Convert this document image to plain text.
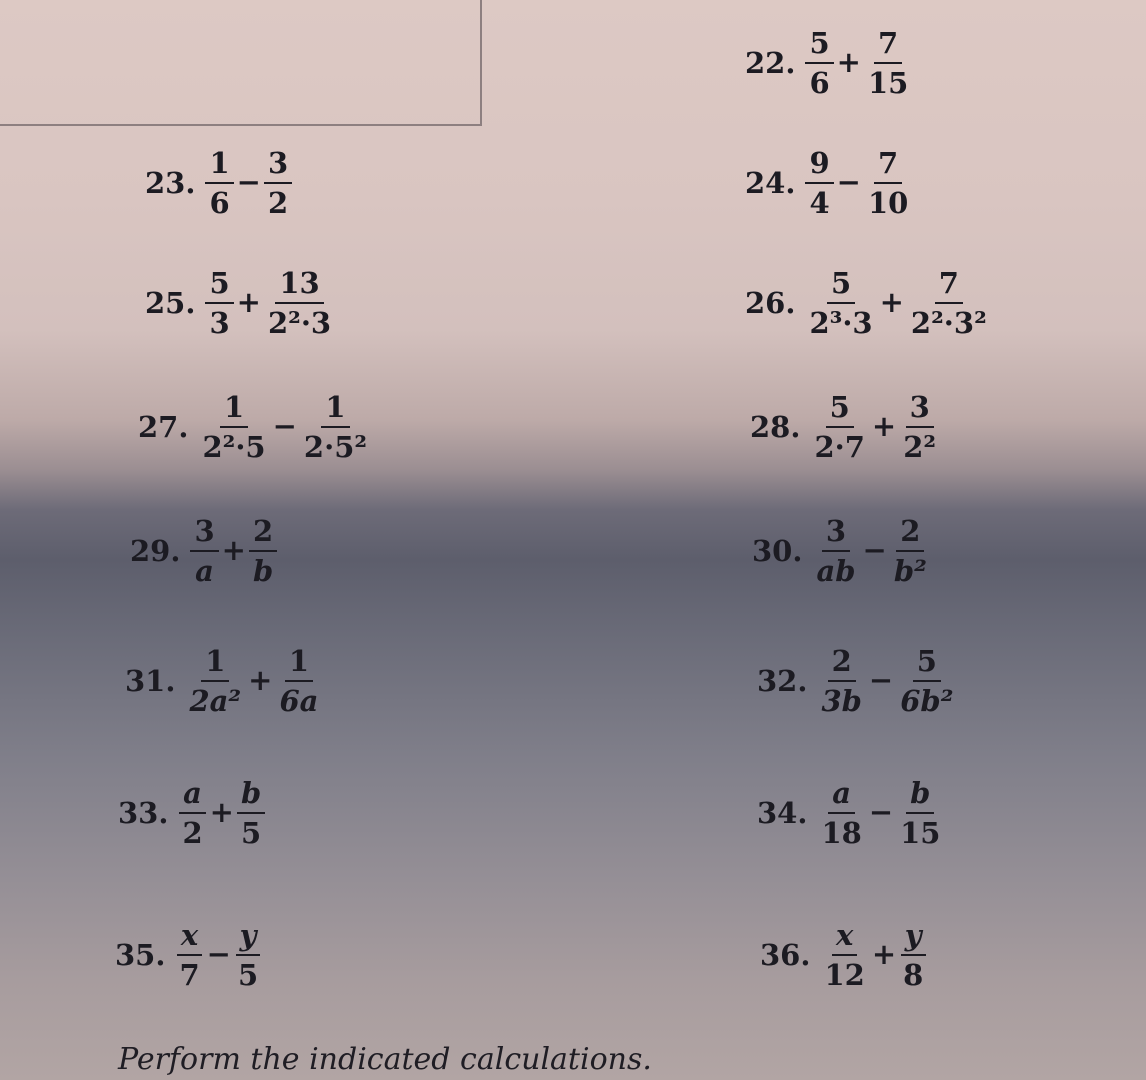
22. $\frac{5}{6} + \frac{7}{15}$
23. $\frac{1}{6} - \frac{3}{2}$	24. $\frac{9}{4} - \frac{7}{10}$
25. $\frac{5}{3} + \frac{13}{\text{2²·3}}$	26. $\frac{5}{\text{2³·3}} + \frac{7}{\text{2²·3²}}$
27. $\frac{1}{\text{2²·5}} - \frac{1}{\text{2·5²}}$	28. $\frac{5}{2\cdot 7} + \frac{3}{\text{2²}}$
29. $\frac{3}{a} + \frac{2}{b}$	30. $\frac{3}{ab} - \frac{2}{\text{b²}}$
31. $\frac{1}{\text{2a²}} + \frac{1}{6a}$	32. $\frac{2}{3b} - \frac{5}{\text{6b²}}$
33. $\frac{a}{2} + \frac{b}{5}$	34. $\frac{a}{18} - \frac{b}{15}$
35. $\frac{x}{7} - \frac{y}{5}$	36. $\frac{x}{12} + \frac{y}{8}$
Perform the indicated calculations.
